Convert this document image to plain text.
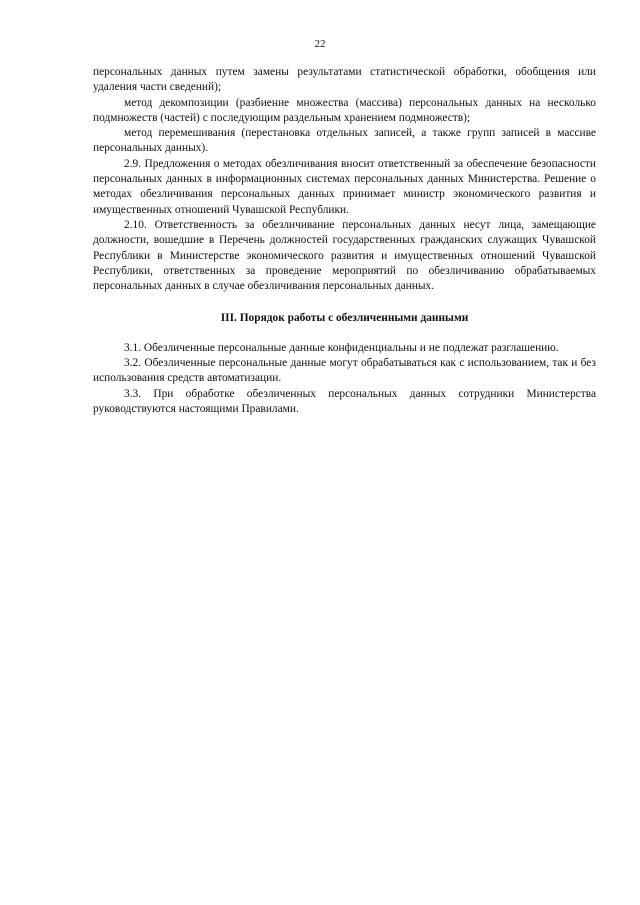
22

персональных данных путем замены результатами статистической обработки, обобщения или удаления части сведений);

метод декомпозиции (разбиение множества (массива) персональных данных на несколько подмножеств (частей) с последующим раздельным хранением подмножеств);

метод перемешивания (перестановка отдельных записей, а также групп записей в массиве персональных данных).

2.9. Предложения о методах обезличивания вносит ответственный за обеспечение безопасности персональных данных в информационных системах персональных данных Министерства. Решение о методах обезличивания персональных данных принимает министр экономического развития и имущественных отношений Чувашской Республики.

2.10. Ответственность за обезличивание персональных данных несут лица, замещающие должности, вошедшие в Перечень должностей государственных гражданских служащих Чувашской Республики в Министерстве экономического развития и имущественных отношений Чувашской Республики, ответственных за проведение мероприятий по обезличиванию обрабатываемых персональных данных в случае обезличивания персональных данных.

III. Порядок работы с обезличенными данными

3.1. Обезличенные персональные данные конфиденциальны и не подлежат разглашению.

3.2. Обезличенные персональные данные могут обрабатываться как с использованием, так и без использования средств автоматизации.

3.3. При обработке обезличенных персональных данных сотрудники Министерства руководствуются настоящими Правилами.
